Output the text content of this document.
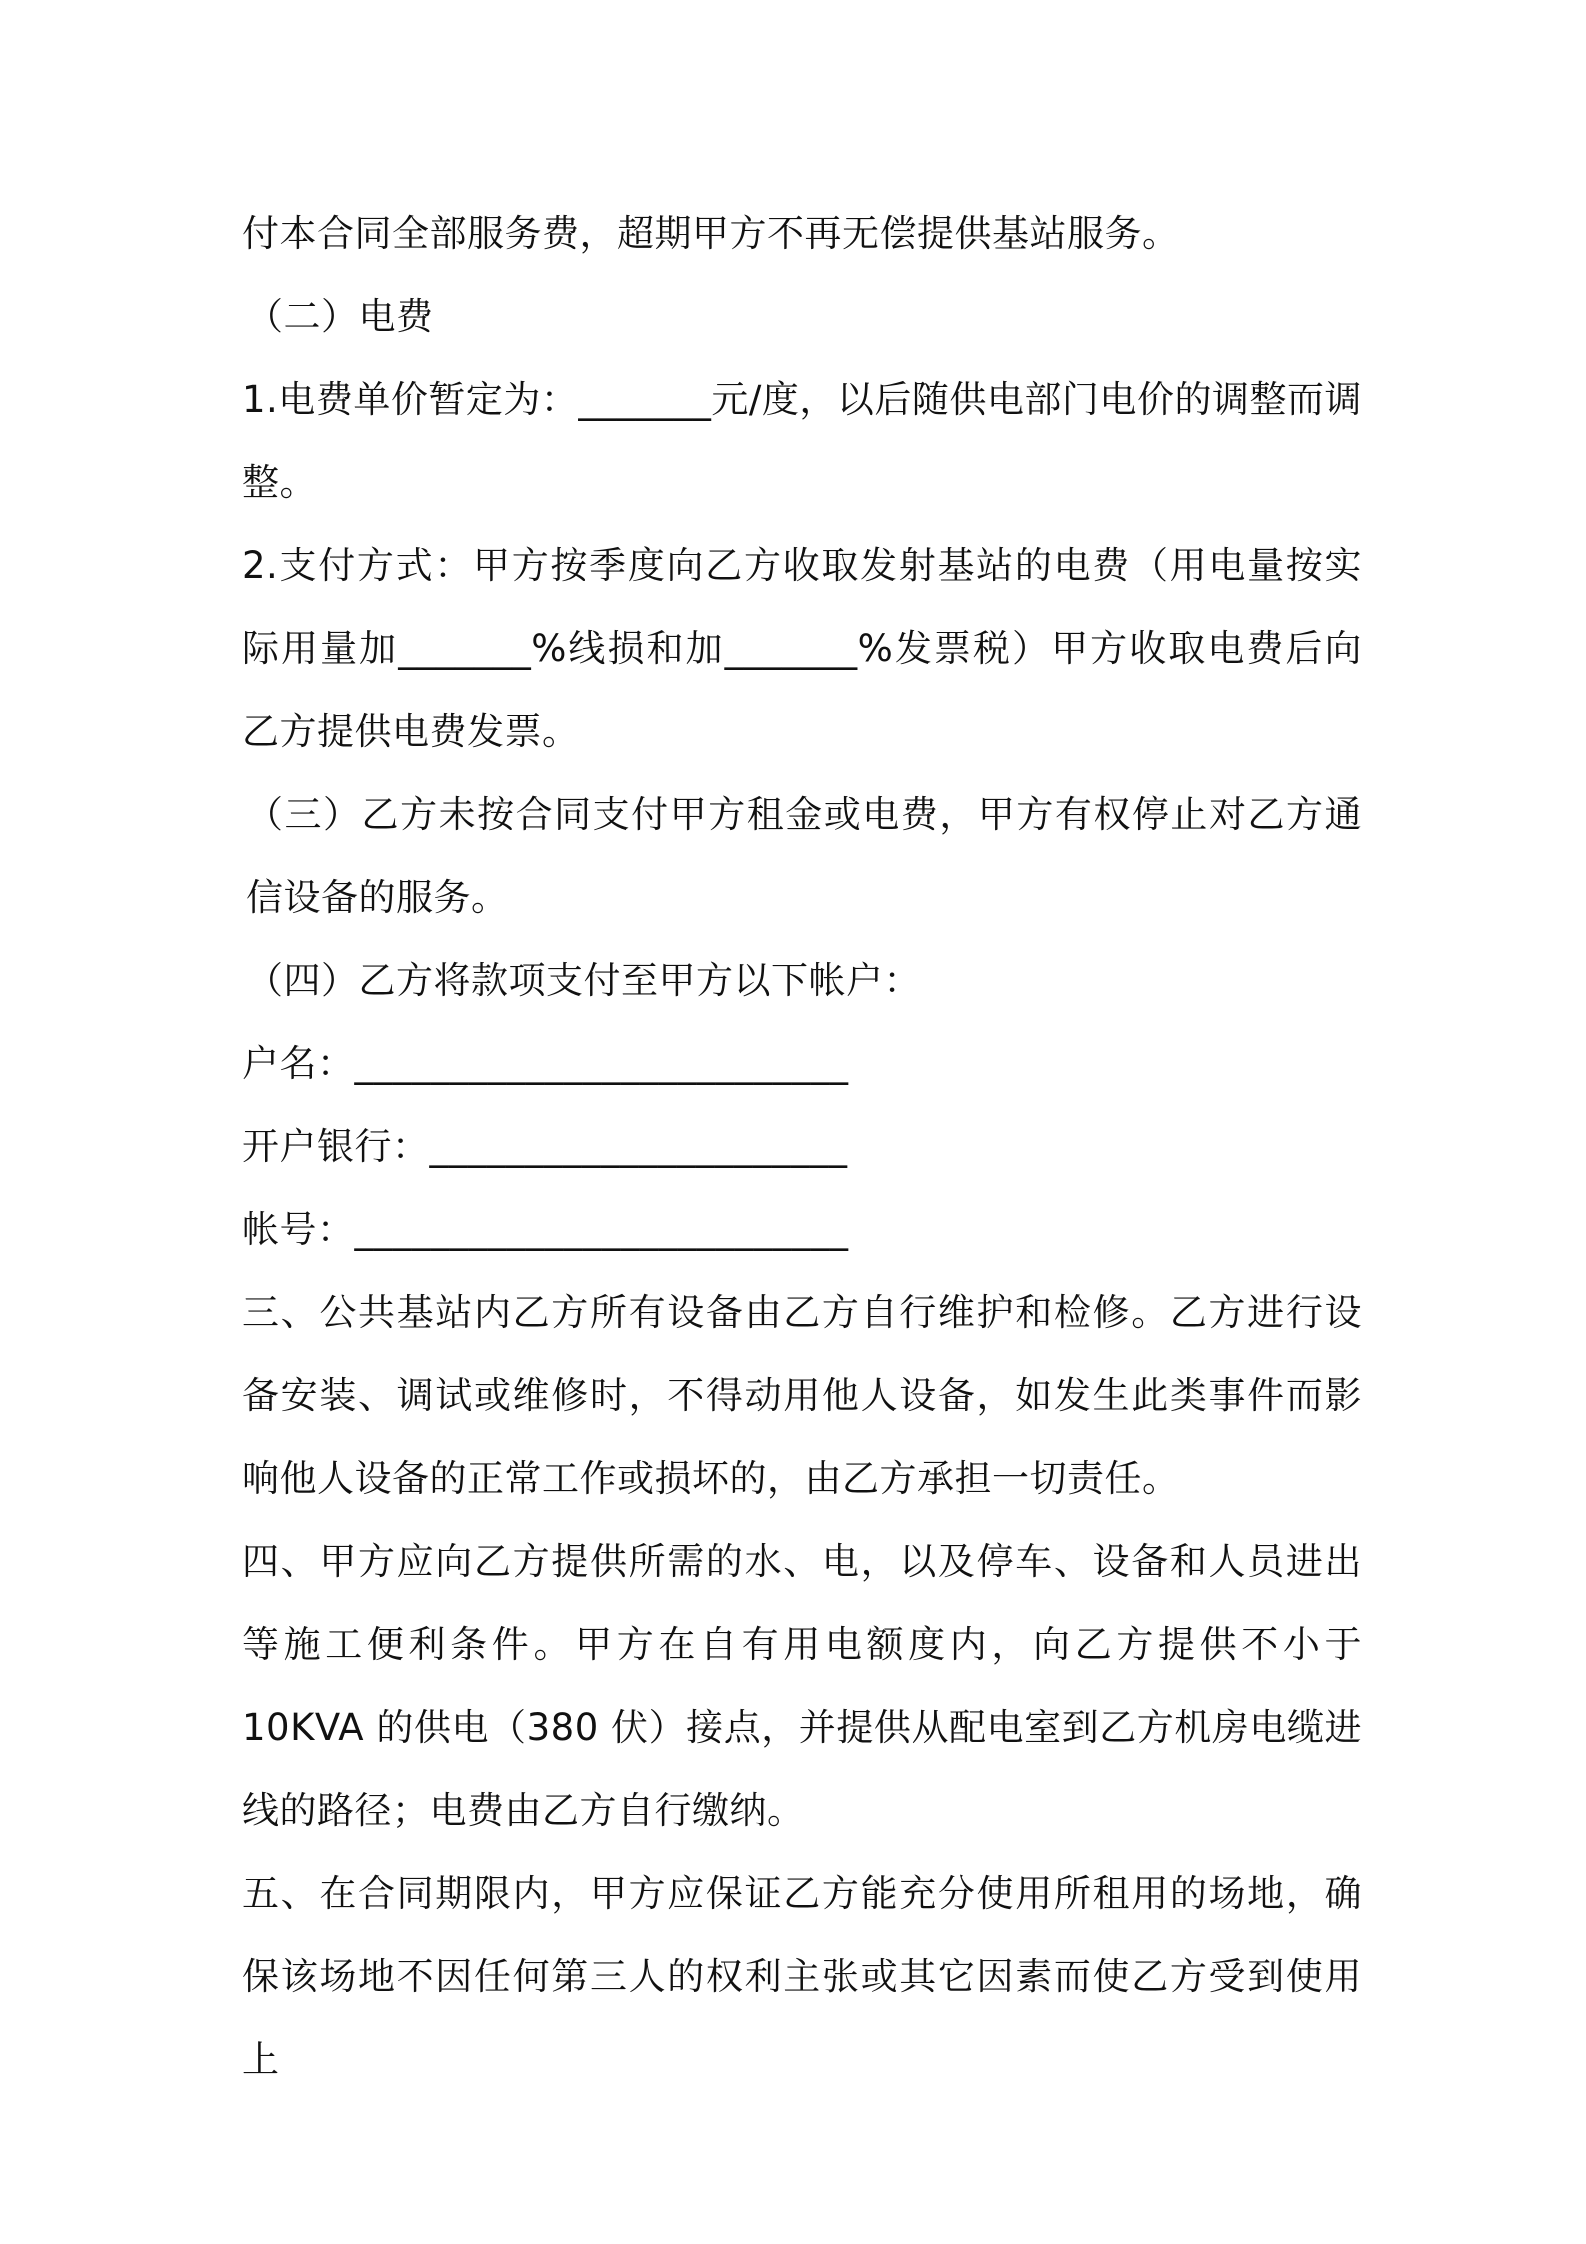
付本合同全部服务费，超期甲方不再无偿提供基站服务。

（二）电费

1.电费单价暂定为：_______元/度，以后随供电部门电价的调整而调整。

2.支付方式：甲方按季度向乙方收取发射基站的电费（用电量按实际用量加_______%线损和加_______%发票税）甲方收取电费后向乙方提供电费发票。

（三）乙方未按合同支付甲方租金或电费，甲方有权停止对乙方通信设备的服务。

（四）乙方将款项支付至甲方以下帐户：

户名：__________________________

开户银行：______________________

帐号：__________________________

三、公共基站内乙方所有设备由乙方自行维护和检修。乙方进行设备安装、调试或维修时，不得动用他人设备，如发生此类事件而影响他人设备的正常工作或损坏的，由乙方承担一切责任。

四、甲方应向乙方提供所需的水、电，以及停车、设备和人员进出等施工便利条件。甲方在自有用电额度内，向乙方提供不小于 10KVA 的供电（380 伏）接点，并提供从配电室到乙方机房电缆进线的路径；电费由乙方自行缴纳。

五、在合同期限内，甲方应保证乙方能充分使用所租用的场地，确保该场地不因任何第三人的权利主张或其它因素而使乙方受到使用上
